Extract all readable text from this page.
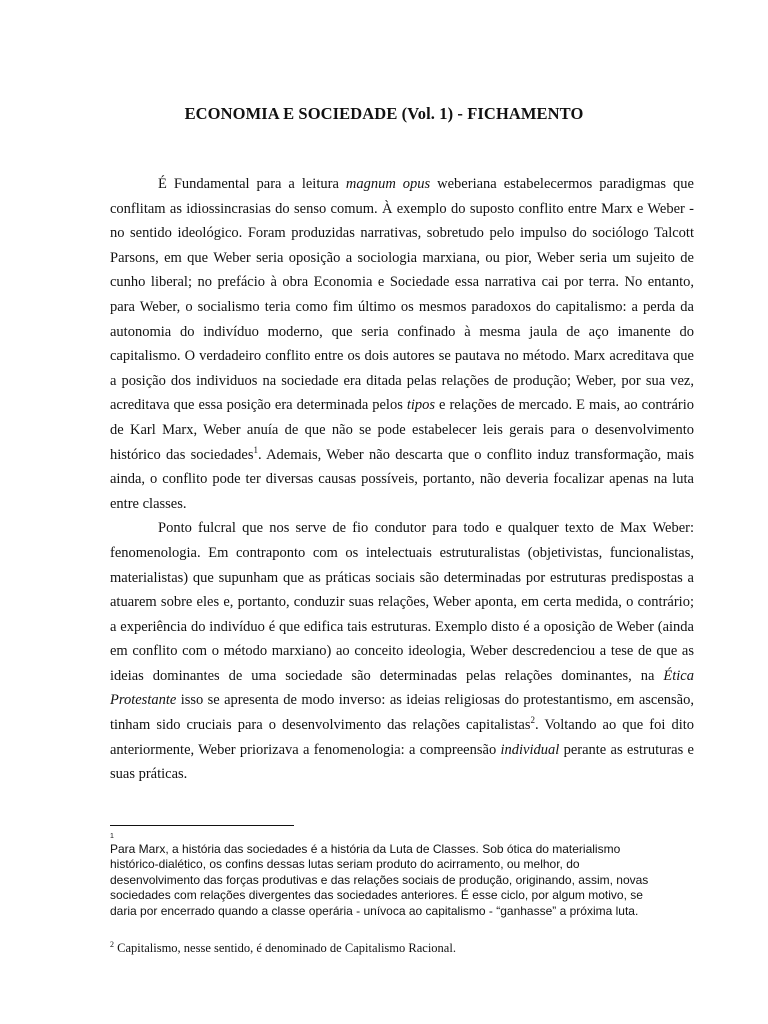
ECONOMIA E SOCIEDADE (Vol. 1) - FICHAMENTO

É Fundamental para a leitura magnum opus weberiana estabelecermos paradigmas que conflitam as idiossincrasias do senso comum. À exemplo do suposto conflito entre Marx e Weber - no sentido ideológico. Foram produzidas narrativas, sobretudo pelo impulso do sociólogo Talcott Parsons, em que Weber seria oposição a sociologia marxiana, ou pior, Weber seria um sujeito de cunho liberal; no prefácio à obra Economia e Sociedade essa narrativa cai por terra. No entanto, para Weber, o socialismo teria como fim último os mesmos paradoxos do capitalismo: a perda da autonomia do indivíduo moderno, que seria confinado à mesma jaula de aço imanente do capitalismo. O verdadeiro conflito entre os dois autores se pautava no método. Marx acreditava que a posição dos individuos na sociedade era ditada pelas relações de produção; Weber, por sua vez, acreditava que essa posição era determinada pelos tipos e relações de mercado. E mais, ao contrário de Karl Marx, Weber anuía de que não se pode estabelecer leis gerais para o desenvolvimento histórico das sociedades$^1$. Ademais, Weber não descarta que o conflito induz transformação, mais ainda, o conflito pode ter diversas causas possíveis, portanto, não deveria focalizar apenas na luta entre classes.

Ponto fulcral que nos serve de fio condutor para todo e qualquer texto de Max Weber: fenomenologia. Em contraponto com os intelectuais estruturalistas (objetivistas, funcionalistas, materialistas) que supunham que as práticas sociais são determinadas por estruturas predispostas a atuarem sobre eles e, portanto, conduzir suas relações, Weber aponta, em certa medida, o contrário; a experiência do indivíduo é que edifica tais estruturas. Exemplo disto é a oposição de Weber (ainda em conflito com o método marxiano) ao conceito ideologia, Weber descredenciou a tese de que as ideias dominantes de uma sociedade são determinadas pelas relações dominantes, na Ética Protestante isso se apresenta de modo inverso: as ideias religiosas do protestantismo, em ascensão, tinham sido cruciais para o desenvolvimento das relações capitalistas$^2$. Voltando ao que foi dito anteriormente, Weber priorizava a fenomenologia: a compreensão individual perante as estruturas e suas práticas.

1
Para Marx, a história das sociedades é a história da Luta de Classes. Sob ótica do materialismo histórico-dialético, os confins dessas lutas seriam produto do acirramento, ou melhor, do desenvolvimento das forças produtivas e das relações sociais de produção, originando, assim, novas sociedades com relações divergentes das sociedades anteriores. É esse ciclo, por algum motivo, se daria por encerrado quando a classe operária - unívoca ao capitalismo - “ganhasse” a próxima luta.
$^2$ Capitalismo, nesse sentido, é denominado de Capitalismo Racional.
